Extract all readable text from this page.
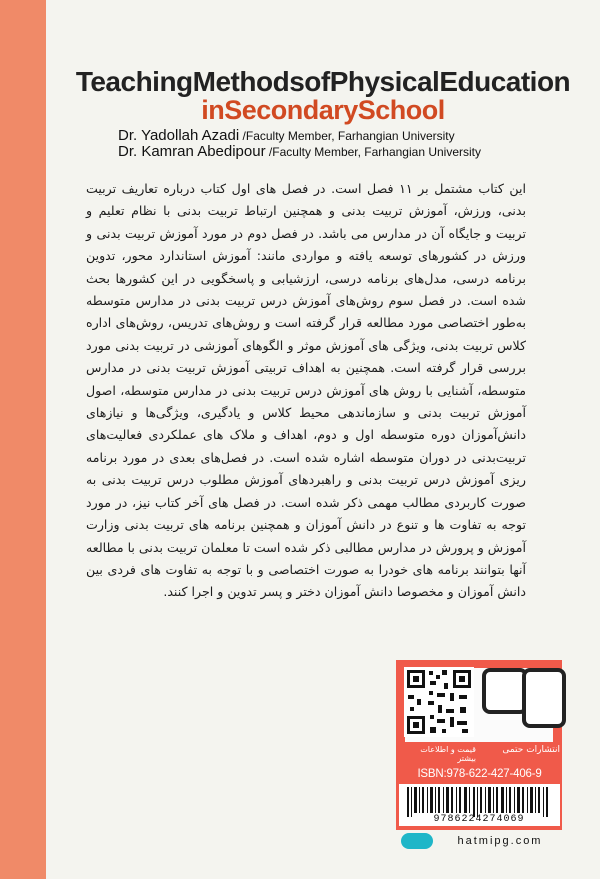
TeachingMethodsofPhysicalEducation
inSecondarySchool
Dr. Yadollah Azadi /Faculty Member, Farhangian University
Dr. Kamran Abedipour /Faculty Member, Farhangian University
این کتاب مشتمل بر ۱۱ فصل است. در فصل های اول کتاب درباره تعاریف تربیت بدنی، ورزش، آموزش تربیت بدنی و همچنین ارتباط تربیت بدنی با نظام تعلیم و تربیت و جایگاه آن در مدارس می باشد. در فصل دوم در مورد آموزش تربیت بدنی و ورزش در کشورهای توسعه یافته و مواردی مانند: آموزش استاندارد محور، تدوین برنامه درسی، مدل‌های برنامه درسی، ارزشیابی و پاسخگویی در این کشورها بحث شده است. در فصل سوم روش‌های آموزش درس تربیت بدنی در مدارس متوسطه به‌طور اختصاصی مورد مطالعه قرار گرفته است و روش‌های تدریس، روش‌های اداره کلاس تربیت بدنی، ویژگی های آموزش موثر و الگوهای آموزشی در تربیت بدنی مورد بررسی قرار گرفته است. همچنین به اهداف تربیتی آموزش تربیت بدنی در مدارس متوسطه، آشنایی با روش های آموزش درس تربیت بدنی در مدارس متوسطه، اصول آموزش تربیت بدنی و سازماندهی محیط کلاس و یادگیری، ویژگی‌ها و نیازهای دانش‌آموزان دوره متوسطه اول و دوم، اهداف و ملاک های عملکردی فعالیت‌های تربیت‌بدنی در دوران متوسطه اشاره شده است. در فصل‌های بعدی در مورد برنامه ریزی آموزش درس تربیت بدنی و راهبردهای آموزش مطلوب درس تربیت بدنی به صورت کاربردی مطالب مهمی ذکر شده است. در فصل های آخر کتاب نیز، در مورد توجه به تفاوت ها و تنوع در دانش آموزان و همچنین برنامه های تربیت بدنی وزارت آموزش و پرورش در مدارس مطالبی ذکر شده است تا معلمان تربیت بدنی با مطالعه آنها بتوانند برنامه های خودرا به صورت اختصاصی و با توجه به تفاوت های فردی بین دانش آموزان و مخصوصا دانش آموزان دختر و پسر تدوین و اجرا کنند.
انتشارات حتمی
قیمت و اطلاعات بیشتر
ISBN:978-622-427-406-9
9786224274069
hatmipg.com
